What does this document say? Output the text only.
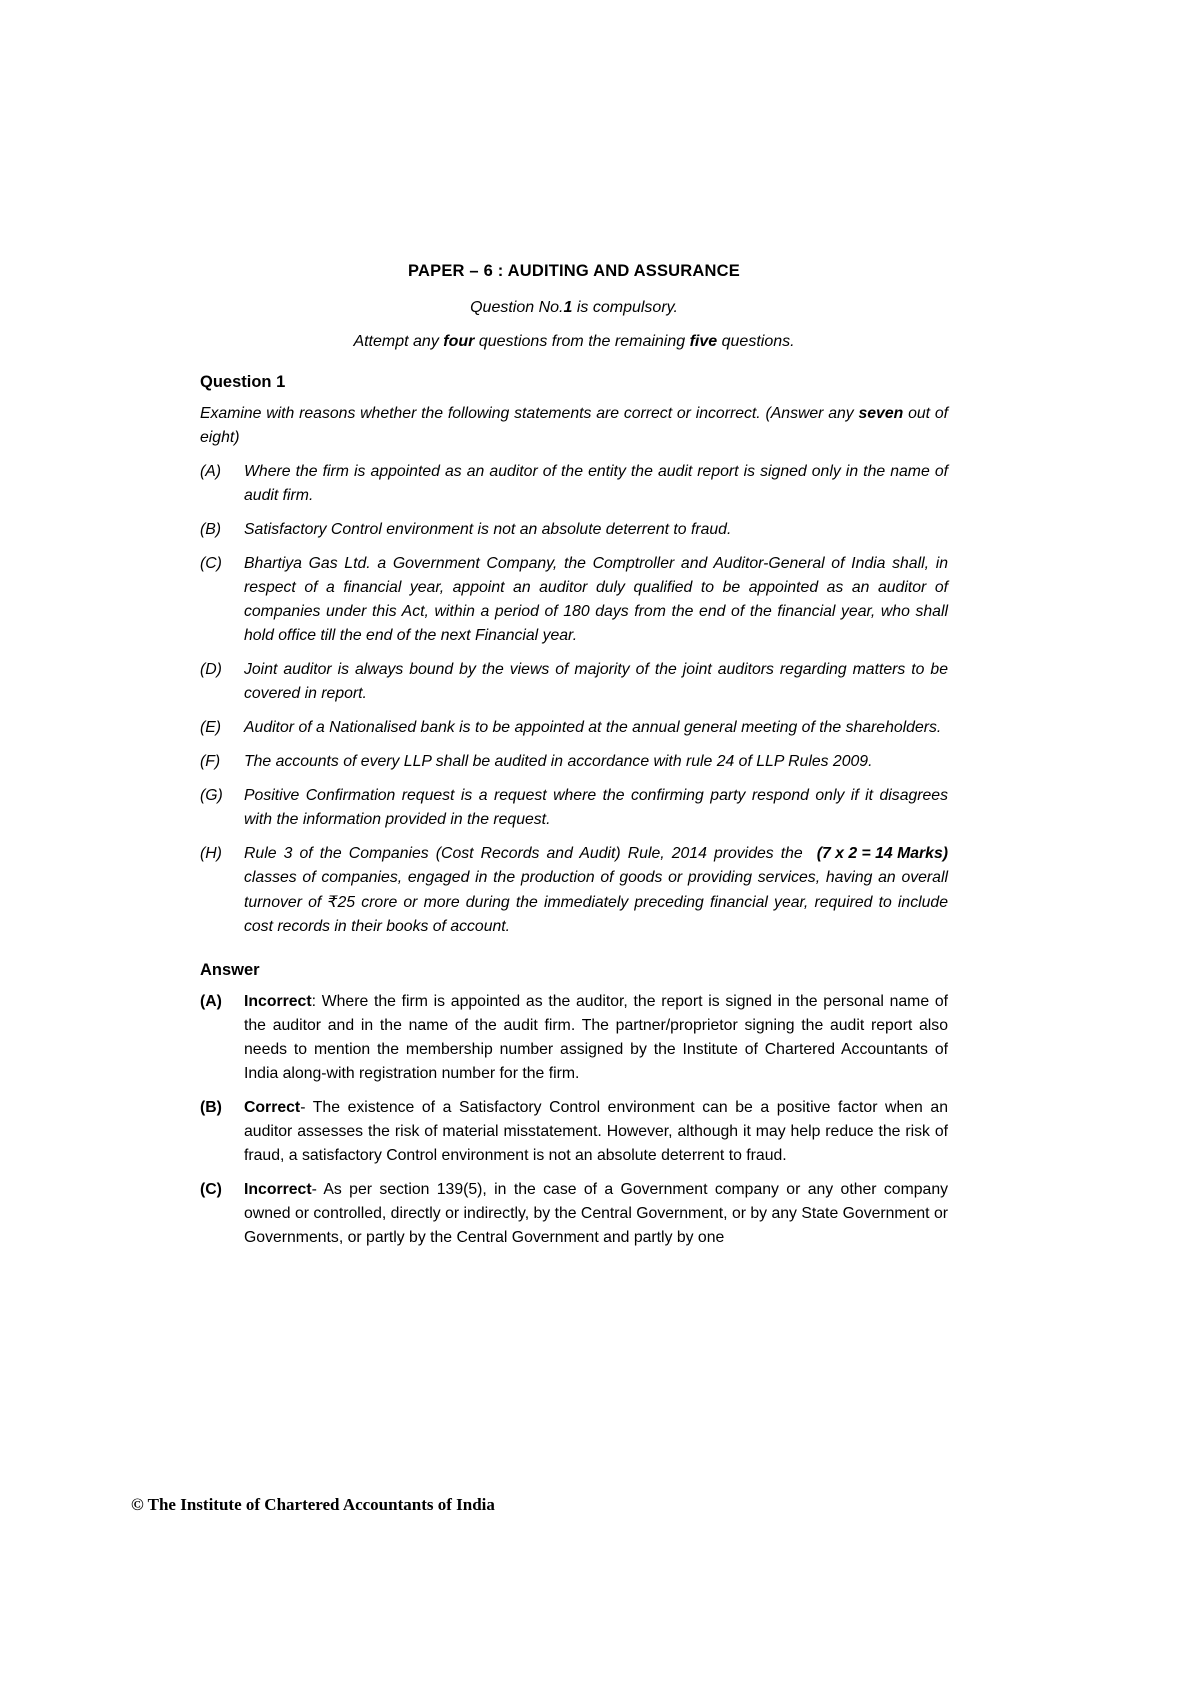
PAPER – 6 : AUDITING AND ASSURANCE
Question No.1 is compulsory.
Attempt any four questions from the remaining five questions.
Question 1
Examine with reasons whether the following statements are correct or incorrect. (Answer any seven out of eight)
(A)	Where the firm is appointed as an auditor of the entity the audit report is signed only in the name of audit firm.
(B)	Satisfactory Control environment is not an absolute deterrent to fraud.
(C)	Bhartiya Gas Ltd. a Government Company, the Comptroller and Auditor-General of India shall, in respect of a financial year, appoint an auditor duly qualified to be appointed as an auditor of companies under this Act, within a period of 180 days from the end of the financial year, who shall hold office till the end of the next Financial year.
(D)	Joint auditor is always bound by the views of majority of the joint auditors regarding matters to be covered in report.
(E)	Auditor of a Nationalised bank is to be appointed at the annual general meeting of the shareholders.
(F)	The accounts of every LLP shall be audited in accordance with rule 24 of LLP Rules 2009.
(G)	Positive Confirmation request is a request where the confirming party respond only if it disagrees with the information provided in the request.
(H)	(7 x 2 = 14 Marks)
Rule 3 of the Companies (Cost Records and Audit) Rule, 2014 provides the classes of companies, engaged in the production of goods or providing services, having an overall turnover of ₹25 crore or more during the immediately preceding financial year, required to include cost records in their books of account.
Answer
(A)	Incorrect: Where the firm is appointed as the auditor, the report is signed in the personal name of the auditor and in the name of the audit firm. The partner/proprietor signing the audit report also needs to mention the membership number assigned by the Institute of Chartered Accountants of India along-with registration number for the firm.
(B)	Correct- The existence of a Satisfactory Control environment can be a positive factor when an auditor assesses the risk of material misstatement. However, although it may help reduce the risk of fraud, a satisfactory Control environment is not an absolute deterrent to fraud.
(C)	Incorrect- As per section 139(5), in the case of a Government company or any other company owned or controlled, directly or indirectly, by the Central Government, or by any State Government or Governments, or partly by the Central Government and partly by one
© The Institute of Chartered Accountants of India
